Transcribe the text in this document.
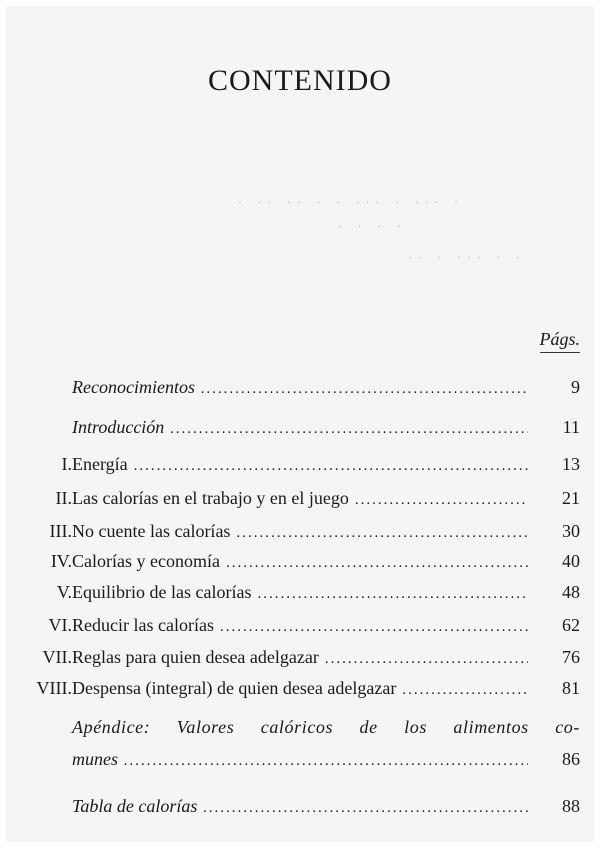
· ·· ·· · · ··· · ··· ·
· · · ·
·· · ··· · ·
CONTENIDO
Págs.
Reconocimientos .....	9
Introducción .....	11
I. Energía .....	13
II. Las calorías en el trabajo y en el juego .....	21
III. No cuente las calorías .....	30
IV. Calorías y economía .....	40
V. Equilibrio de las calorías .....	48
VI. Reducir las calorías .....	62
VII. Reglas para quien desea adelgazar .....	76
VIII. Despensa (integral) de quien desea adelgazar .....	81
Apéndice: Valores calóricos de los alimentos co-
munes .....	86
Tabla de calorías .....	88
